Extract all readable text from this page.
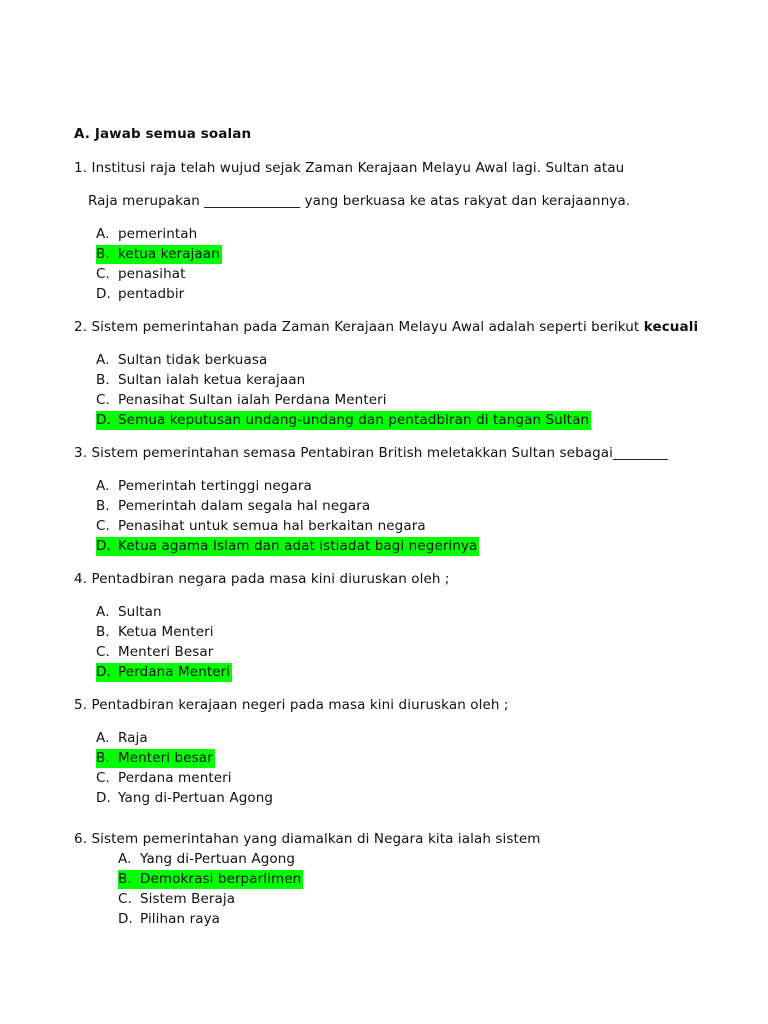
A. Jawab semua soalan
1. Institusi raja telah wujud sejak Zaman Kerajaan Melayu Awal lagi. Sultan atau
Raja merupakan ______________ yang berkuasa ke atas rakyat dan kerajaannya.
A. pemerintah
B. ketua kerajaan
C. penasihat
D. pentadbir
2. Sistem pemerintahan pada Zaman Kerajaan Melayu Awal adalah seperti berikut kecuali
A. Sultan tidak berkuasa
B. Sultan ialah ketua kerajaan
C. Penasihat Sultan ialah Perdana Menteri
D. Semua keputusan undang-undang dan pentadbiran di tangan Sultan
3. Sistem pemerintahan semasa Pentabiran British meletakkan Sultan sebagai________
A. Pemerintah tertinggi negara
B. Pemerintah dalam segala hal negara
C. Penasihat untuk semua hal berkaitan negara
D. Ketua agama Islam dan adat istiadat bagi negerinya
4. Pentadbiran negara pada masa kini diuruskan oleh ;
A. Sultan
B. Ketua Menteri
C. Menteri Besar
D. Perdana Menteri
5. Pentadbiran kerajaan negeri pada masa kini diuruskan oleh ;
A. Raja
B. Menteri besar
C. Perdana menteri
D. Yang di-Pertuan Agong
6. Sistem pemerintahan yang diamalkan di Negara kita ialah sistem
A. Yang di-Pertuan Agong
B. Demokrasi berparlimen
C. Sistem Beraja
D. Pilihan raya
